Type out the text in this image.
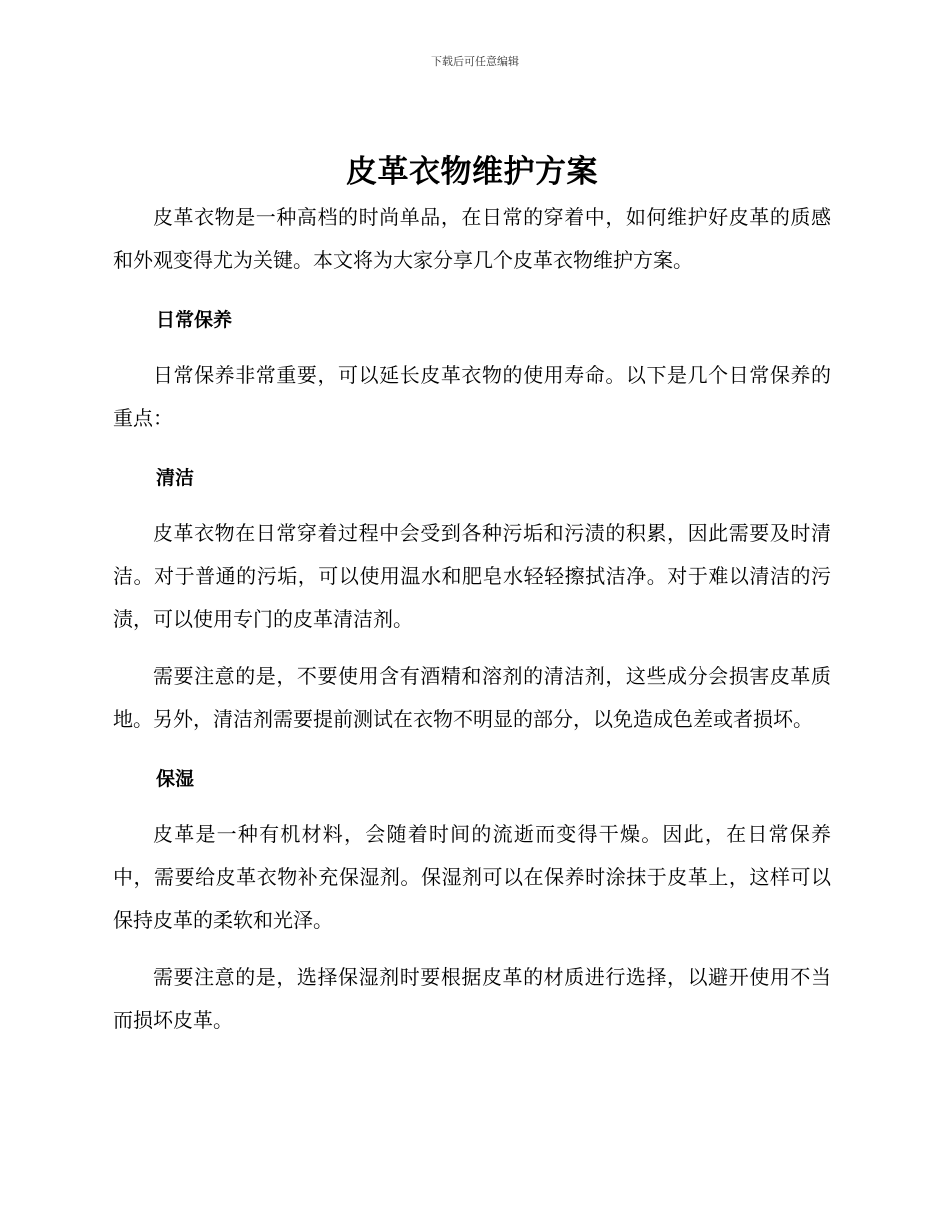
下载后可任意编辑
皮革衣物维护方案

皮革衣物是一种高档的时尚单品，在日常的穿着中，如何维护好皮革的质感和外观变得尤为关键。本文将为大家分享几个皮革衣物维护方案。

日常保养

日常保养非常重要，可以延长皮革衣物的使用寿命。以下是几个日常保养的重点：

清洁

皮革衣物在日常穿着过程中会受到各种污垢和污渍的积累，因此需要及时清洁。对于普通的污垢，可以使用温水和肥皂水轻轻擦拭洁净。对于难以清洁的污渍，可以使用专门的皮革清洁剂。

需要注意的是，不要使用含有酒精和溶剂的清洁剂，这些成分会损害皮革质地。另外，清洁剂需要提前测试在衣物不明显的部分，以免造成色差或者损坏。

保湿

皮革是一种有机材料，会随着时间的流逝而变得干燥。因此，在日常保养中，需要给皮革衣物补充保湿剂。保湿剂可以在保养时涂抹于皮革上，这样可以保持皮革的柔软和光泽。

需要注意的是，选择保湿剂时要根据皮革的材质进行选择，以避开使用不当而损坏皮革。
